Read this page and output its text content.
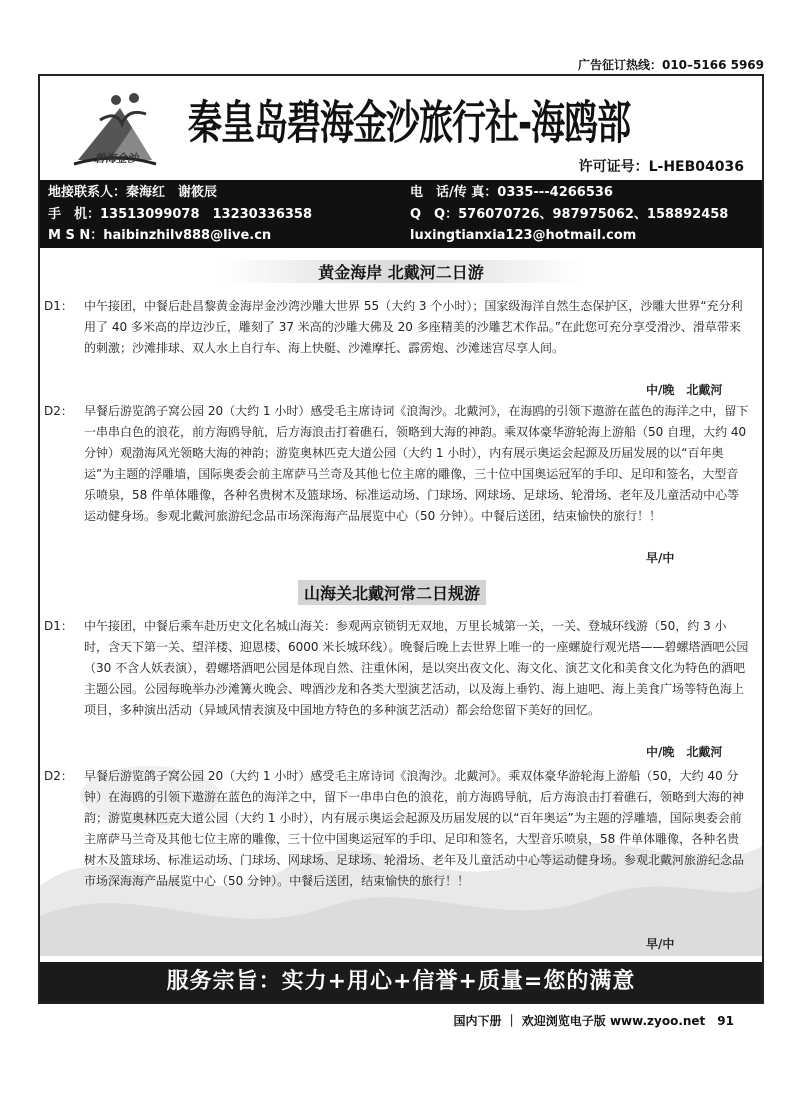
广告征订热线：010–5166 5969
碧海金沙
秦皇岛碧海金沙旅行社-海鸥部
许可证号：L-HEB04036
地接联系人：秦海红　谢筱辰	电　话/传 真：0335---4266536
手　机：13513099078　13230336358	Q　Q：576070726、987975062、158892458
M S N：haibinzhilv888@live.cn	luxingtianxia123@hotmail.com
黄金海岸 北戴河二日游
D1： 中午接团，中餐后赴昌黎黄金海岸金沙湾沙雕大世界 55（大约 3 个小时）；国家级海洋自然生态保护区，沙雕大世界“充分利用了 40 多米高的岸边沙丘，雕刻了 37 米高的沙雕大佛及 20 多座精美的沙雕艺术作品。”在此您可充分享受滑沙、滑草带来的刺激；沙滩排球、双人水上自行车、海上快艇、沙滩摩托、霹雳炮、沙滩迷宫尽享人间。
中/晚　北戴河
D2： 早餐后游览鸽子窝公园 20（大约 1 小时）感受毛主席诗词《浪淘沙。北戴河》，在海鸥的引领下遨游在蓝色的海洋之中，留下一串串白色的浪花，前方海鸥导航，后方海浪击打着礁石，领略到大海的神韵。乘双体豪华游轮海上游船（50 自理，大约 40 分钟）观渤海风光领略大海的神韵；游览奥林匹克大道公园（大约 1 小时），内有展示奥运会起源及历届发展的以“百年奥运”为主题的浮雕墙，国际奥委会前主席萨马兰奇及其他七位主席的雕像，三十位中国奥运冠军的手印、足印和签名，大型音乐喷泉，58 件单体雕像，各种名贵树木及篮球场、标准运动场、门球场、网球场、足球场、轮滑场、老年及儿童活动中心等运动健身场。参观北戴河旅游纪念品市场深海海产品展览中心（50 分钟）。中餐后送团，结束愉快的旅行！！
早/中
山海关北戴河常二日规游
D1： 中午接团，中餐后乘车赴历史文化名城山海关：参观两京锁钥无双地，万里长城第一关，一关、登城环线游（50，约 3 小时，含天下第一关、望洋楼、迎恩楼、6000 米长城环线）。晚餐后晚上去世界上唯一的一座螺旋行观光塔——碧螺塔酒吧公园（30 不含人妖表演），碧螺塔酒吧公园是体现自然、注重休闲，是以突出夜文化、海文化、演艺文化和美食文化为特色的酒吧主题公园。公园每晚举办沙滩篝火晚会、啤酒沙龙和各类大型演艺活动，以及海上垂钓、海上迪吧、海上美食广场等特色海上项目，多种演出活动（异域风情表演及中国地方特色的多种演艺活动）都会给您留下美好的回忆。
中/晚　北戴河
D2： 早餐后游览鸽子窝公园 20（大约 1 小时）感受毛主席诗词《浪淘沙。北戴河》。乘双体豪华游轮海上游船（50，大约 40 分钟）在海鸥的引领下遨游在蓝色的海洋之中，留下一串串白色的浪花，前方海鸥导航，后方海浪击打着礁石，领略到大海的神韵；游览奥林匹克大道公园（大约 1 小时），内有展示奥运会起源及历届发展的以“百年奥运”为主题的浮雕墙，国际奥委会前主席萨马兰奇及其他七位主席的雕像，三十位中国奥运冠军的手印、足印和签名，大型音乐喷泉，58 件单体雕像，各种名贵树木及篮球场、标准运动场、门球场、网球场、足球场、轮滑场、老年及儿童活动中心等运动健身场。参观北戴河旅游纪念品市场深海海产品展览中心（50 分钟）。中餐后送团，结束愉快的旅行！！
早/中
服务宗旨：实力+用心+信誉+质量=您的满意
国内下册 ｜ 欢迎浏览电子版 www.zyoo.net　91
